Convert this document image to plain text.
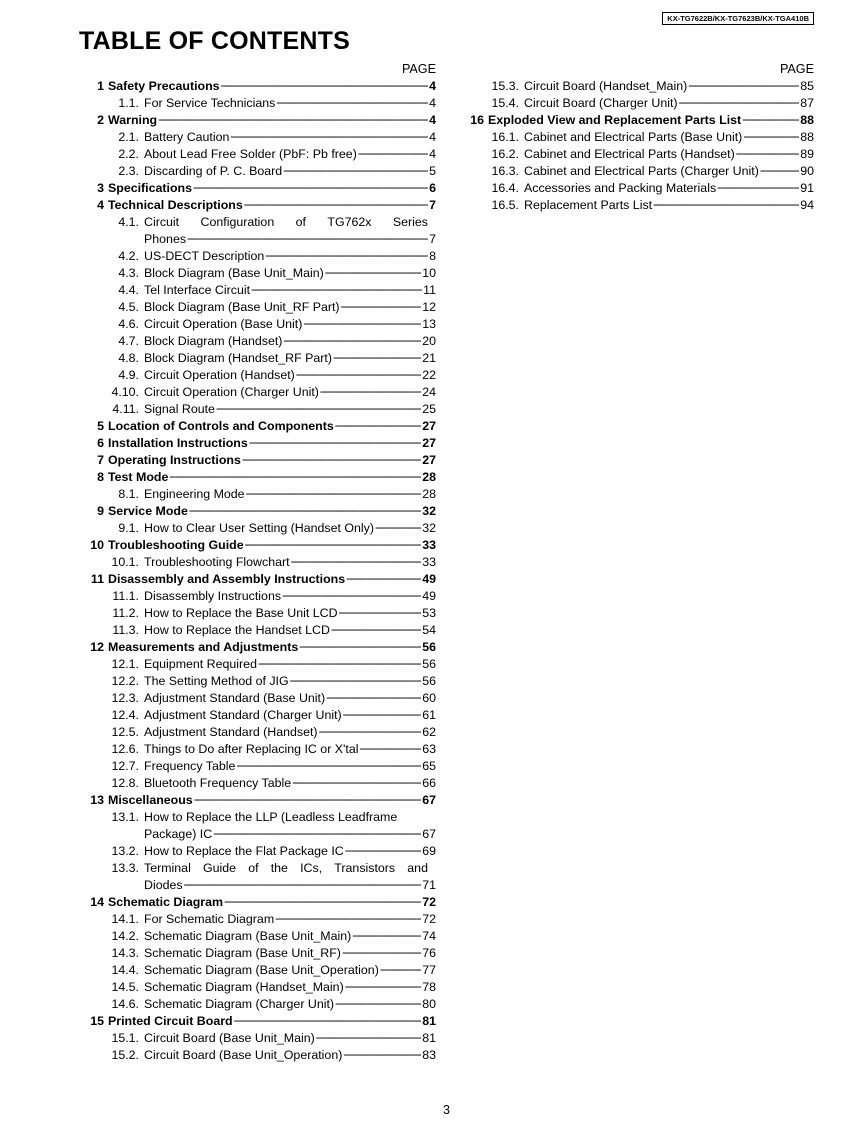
KX-TG7622B/KX-TG7623B/KX-TGA410B
TABLE OF CONTENTS
PAGE
1 Safety Precautions -----	4
1.1. For Service Technicians -----	4
2 Warning -----	4
2.1. Battery Caution -----	4
2.2. About Lead Free Solder (PbF: Pb free) -----	4
2.3. Discarding of P. C. Board -----	5
3 Specifications -----	6
4 Technical Descriptions -----	7
4.1. Circuit Configuration of TG762x Series
Phones -----	7
4.2. US-DECT Description -----	8
4.3. Block Diagram (Base Unit_Main) -----	10
4.4. Tel Interface Circuit -----	11
4.5. Block Diagram (Base Unit_RF Part) -----	12
4.6. Circuit Operation (Base Unit) -----	13
4.7. Block Diagram (Handset) -----	20
4.8. Block Diagram (Handset_RF Part) -----	21
4.9. Circuit Operation (Handset) -----	22
4.10. Circuit Operation (Charger Unit) -----	24
4.11. Signal Route -----	25
5 Location of Controls and Components -----	27
6 Installation Instructions -----	27
7 Operating Instructions -----	27
8 Test Mode -----	28
8.1. Engineering Mode -----	28
9 Service Mode -----	32
9.1. How to Clear User Setting (Handset Only) -----	32
10 Troubleshooting Guide -----	33
10.1. Troubleshooting Flowchart -----	33
11 Disassembly and Assembly Instructions -----	49
11.1. Disassembly Instructions -----	49
11.2. How to Replace the Base Unit LCD -----	53
11.3. How to Replace the Handset LCD -----	54
12 Measurements and Adjustments -----	56
12.1. Equipment Required -----	56
12.2. The Setting Method of JIG -----	56
12.3. Adjustment Standard (Base Unit) -----	60
12.4. Adjustment Standard (Charger Unit) -----	61
12.5. Adjustment Standard (Handset) -----	62
12.6. Things to Do after Replacing IC or X'tal -----	63
12.7. Frequency Table -----	65
12.8. Bluetooth Frequency Table -----	66
13 Miscellaneous -----	67
13.1. How to Replace the LLP (Leadless Leadframe
Package) IC -----	67
13.2. How to Replace the Flat Package IC -----	69
13.3. Terminal Guide of the ICs, Transistors and
Diodes -----	71
14 Schematic Diagram -----	72
14.1. For Schematic Diagram -----	72
14.2. Schematic Diagram (Base Unit_Main) -----	74
14.3. Schematic Diagram (Base Unit_RF) -----	76
14.4. Schematic Diagram (Base Unit_Operation) -----	77
14.5. Schematic Diagram (Handset_Main) -----	78
14.6. Schematic Diagram (Charger Unit) -----	80
15 Printed Circuit Board -----	81
15.1. Circuit Board (Base Unit_Main) -----	81
15.2. Circuit Board (Base Unit_Operation) -----	83
PAGE
15.3. Circuit Board (Handset_Main) -----	85
15.4. Circuit Board (Charger Unit) -----	87
16 Exploded View and Replacement Parts List -----	88
16.1. Cabinet and Electrical Parts (Base Unit) -----	88
16.2. Cabinet and Electrical Parts (Handset) -----	89
16.3. Cabinet and Electrical Parts (Charger Unit) -----	90
16.4. Accessories and Packing Materials -----	91
16.5. Replacement Parts List -----	94
3
